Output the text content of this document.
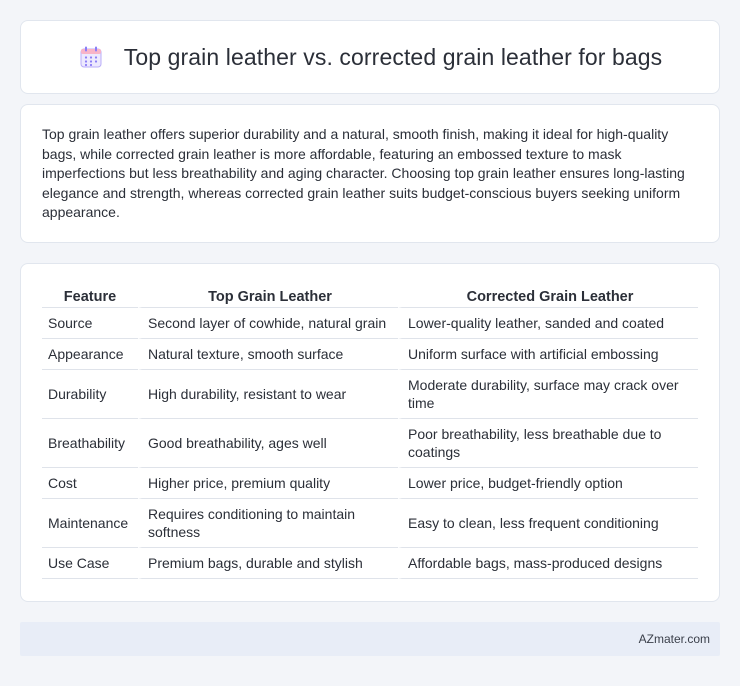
Top grain leather vs. corrected grain leather for bags

Top grain leather offers superior durability and a natural, smooth finish, making it ideal for high-quality bags, while corrected grain leather is more affordable, featuring an embossed texture to mask imperfections but less breathability and aging character. Choosing top grain leather ensures long-lasting elegance and strength, whereas corrected grain leather suits budget-conscious buyers seeking uniform appearance.

Feature	Top Grain Leather	Corrected Grain Leather
Source	Second layer of cowhide, natural grain	Lower-quality leather, sanded and coated
Appearance	Natural texture, smooth surface	Uniform surface with artificial embossing
Durability	High durability, resistant to wear	Moderate durability, surface may crack over time
Breathability	Good breathability, ages well	Poor breathability, less breathable due to coatings
Cost	Higher price, premium quality	Lower price, budget-friendly option
Maintenance	Requires conditioning to maintain softness	Easy to clean, less frequent conditioning
Use Case	Premium bags, durable and stylish	Affordable bags, mass-produced designs
AZmater.com
